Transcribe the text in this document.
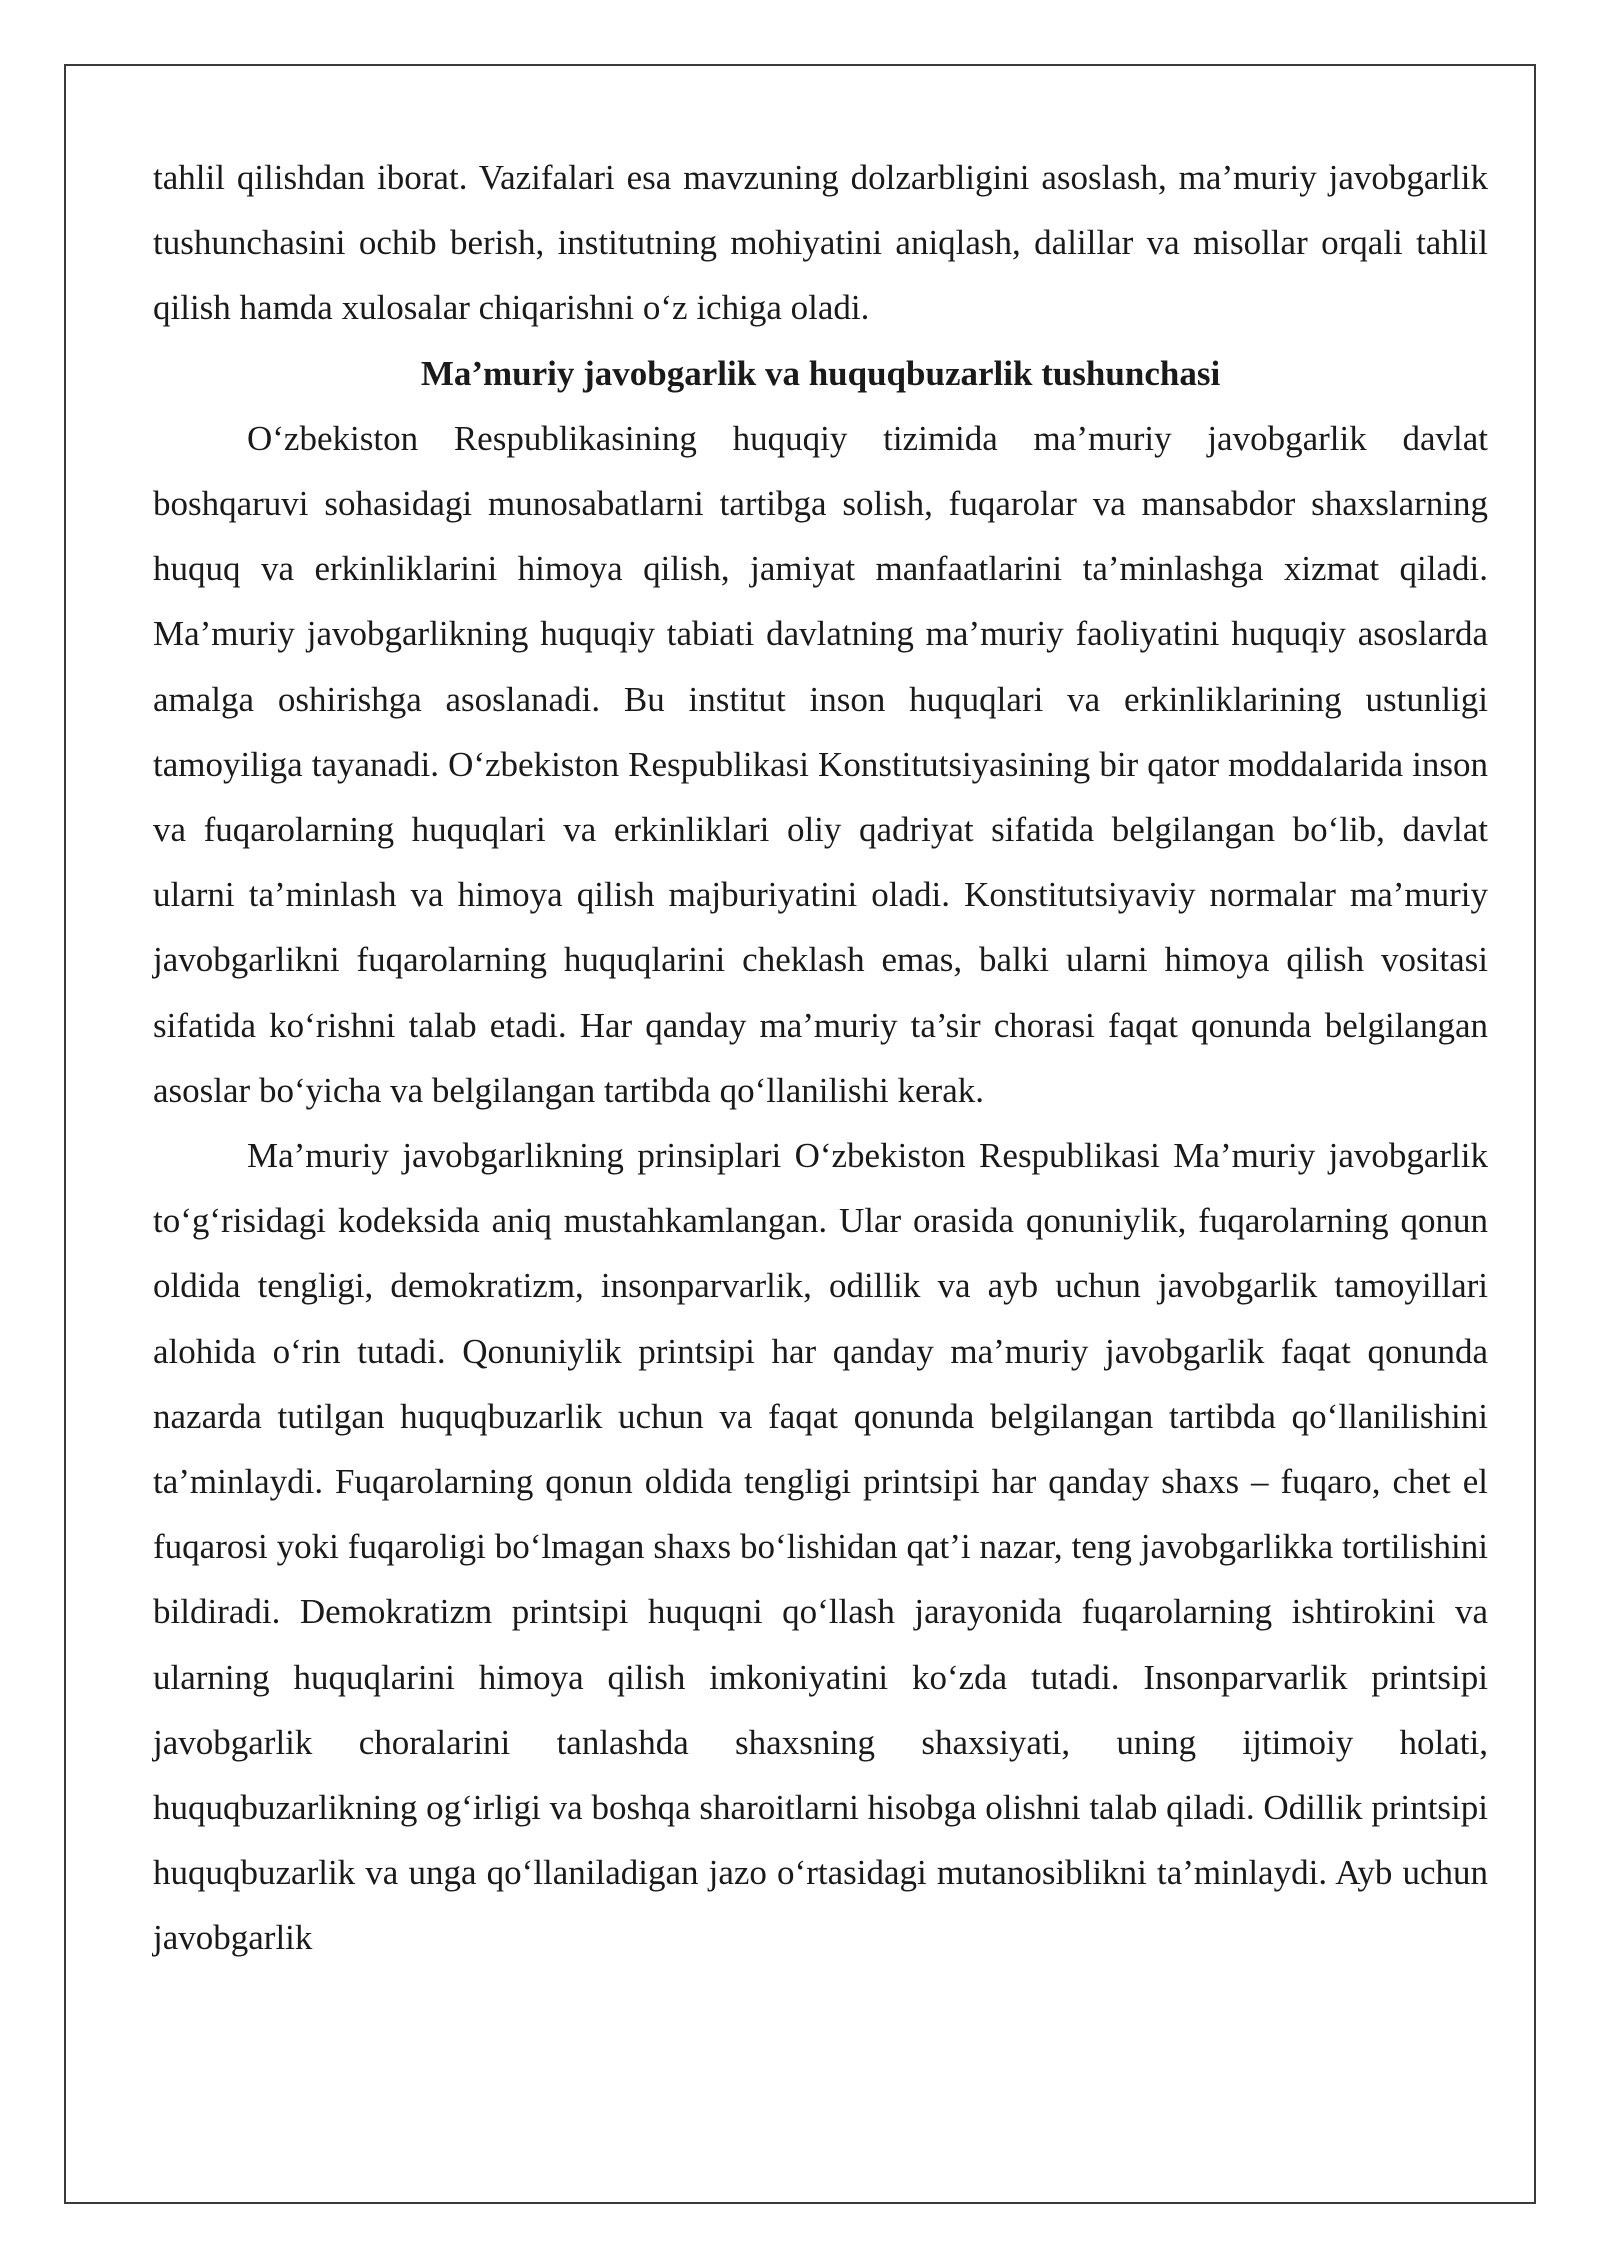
tahlil qilishdan iborat. Vazifalari esa mavzuning dolzarbligini asoslash, ma’muriy javobgarlik tushunchasini ochib berish, institutning mohiyatini aniqlash, dalillar va misollar orqali tahlil qilish hamda xulosalar chiqarishni o‘z ichiga oladi.

Ma’muriy javobgarlik va huquqbuzarlik tushunchasi

O‘zbekiston Respublikasining huquqiy tizimida ma’muriy javobgarlik davlat boshqaruvi sohasidagi munosabatlarni tartibga solish, fuqarolar va mansabdor shaxslarning huquq va erkinliklarini himoya qilish, jamiyat manfaatlarini ta’minlashga xizmat qiladi. Ma’muriy javobgarlikning huquqiy tabiati davlatning ma’muriy faoliyatini huquqiy asoslarda amalga oshirishga asoslanadi. Bu institut inson huquqlari va erkinliklarining ustunligi tamoyiliga tayanadi. O‘zbekiston Respublikasi Konstitutsiyasining bir qator moddalarida inson va fuqarolarning huquqlari va erkinliklari oliy qadriyat sifatida belgilangan bo‘lib, davlat ularni ta’minlash va himoya qilish majburiyatini oladi. Konstitutsiyaviy normalar ma’muriy javobgarlikni fuqarolarning huquqlarini cheklash emas, balki ularni himoya qilish vositasi sifatida ko‘rishni talab etadi. Har qanday ma’muriy ta’sir chorasi faqat qonunda belgilangan asoslar bo‘yicha va belgilangan tartibda qo‘llanilishi kerak.

Ma’muriy javobgarlikning prinsiplari O‘zbekiston Respublikasi Ma’muriy javobgarlik to‘g‘risidagi kodeksida aniq mustahkamlangan. Ular orasida qonuniylik, fuqarolarning qonun oldida tengligi, demokratizm, insonparvarlik, odillik va ayb uchun javobgarlik tamoyillari alohida o‘rin tutadi. Qonuniylik printsipi har qanday ma’muriy javobgarlik faqat qonunda nazarda tutilgan huquqbuzarlik uchun va faqat qonunda belgilangan tartibda qo‘llanilishini ta’minlaydi. Fuqarolarning qonun oldida tengligi printsipi har qanday shaxs – fuqaro, chet el fuqarosi yoki fuqaroligi bo‘lmagan shaxs bo‘lishidan qat’i nazar, teng javobgarlikka tortilishini bildiradi. Demokratizm printsipi huquqni qo‘llash jarayonida fuqarolarning ishtirokini va ularning huquqlarini himoya qilish imkoniyatini ko‘zda tutadi. Insonparvarlik printsipi javobgarlik choralarini tanlashda shaxsning shaxsiyati, uning ijtimoiy holati, huquqbuzarlikning og‘irligi va boshqa sharoitlarni hisobga olishni talab qiladi. Odillik printsipi huquqbuzarlik va unga qo‘llaniladigan jazo o‘rtasidagi mutanosiblikni ta’minlaydi. Ayb uchun javobgarlik
